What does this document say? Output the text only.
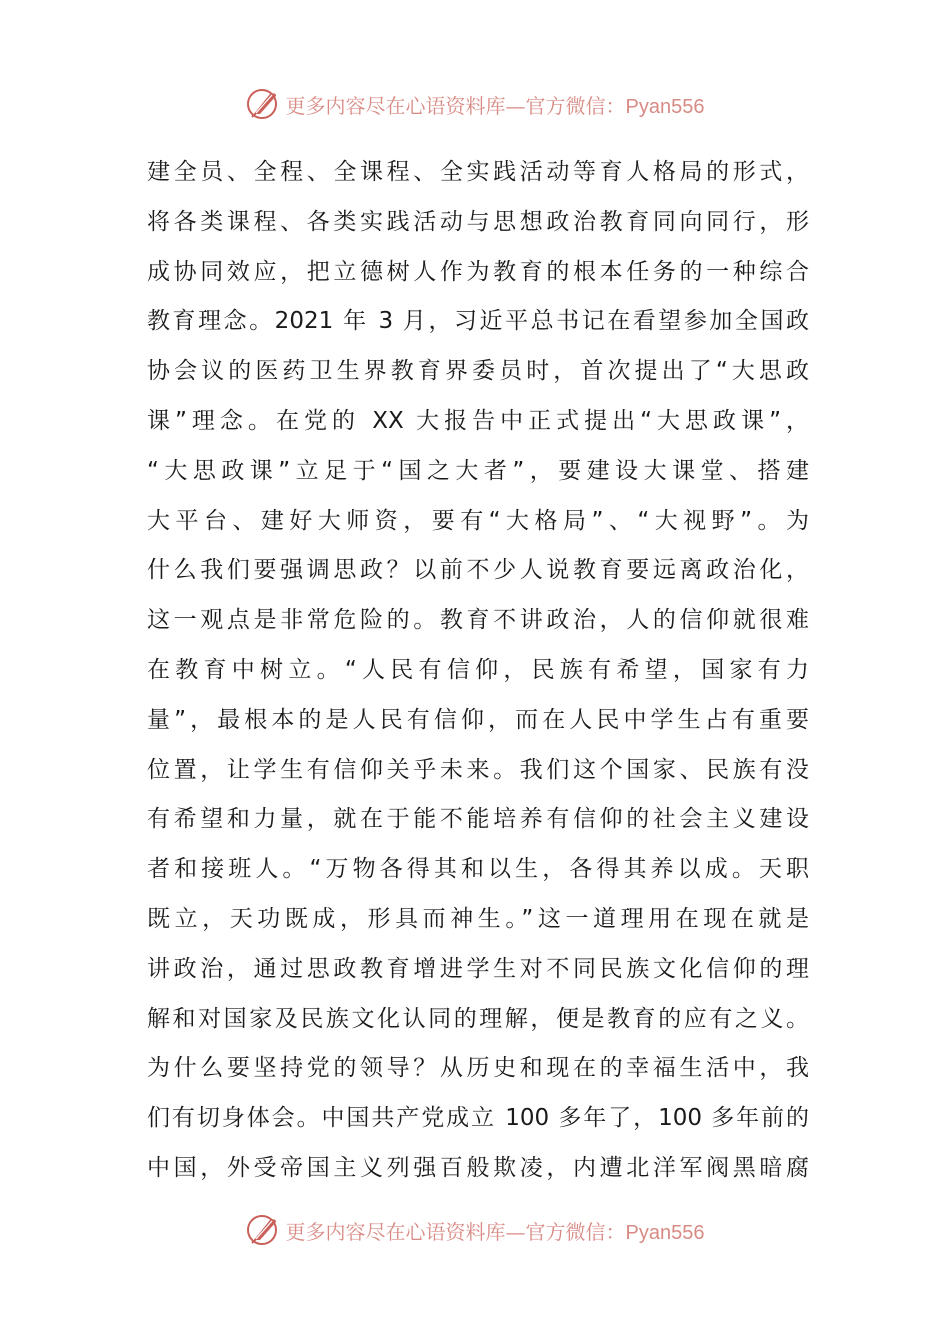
更多内容尽在心语资料库—官方微信：Pyan556
建全员、全程、全课程、全实践活动等育人格局的形式，
将各类课程、各类实践活动与思想政治教育同向同行，形
成协同效应，把立德树人作为教育的根本任务的一种综合
教育理念。2021 年 3 月，习近平总书记在看望参加全国政
协会议的医药卫生界教育界委员时，首次提出了“大思政
课”理念。在党的 XX 大报告中正式提出“大思政课”，
“大思政课”立足于“国之大者”，要建设大课堂、搭建
大平台、建好大师资，要有“大格局”、“大视野”。为
什么我们要强调思政？以前不少人说教育要远离政治化，
这一观点是非常危险的。教育不讲政治，人的信仰就很难
在教育中树立。“人民有信仰，民族有希望，国家有力
量”，最根本的是人民有信仰，而在人民中学生占有重要
位置，让学生有信仰关乎未来。我们这个国家、民族有没
有希望和力量，就在于能不能培养有信仰的社会主义建设
者和接班人。“万物各得其和以生，各得其养以成。天职
既立，天功既成，形具而神生。”这一道理用在现在就是
讲政治，通过思政教育增进学生对不同民族文化信仰的理
解和对国家及民族文化认同的理解，便是教育的应有之义。
为什么要坚持党的领导？从历史和现在的幸福生活中，我
们有切身体会。中国共产党成立 100 多年了，100 多年前的
中国，外受帝国主义列强百般欺凌，内遭北洋军阀黑暗腐
更多内容尽在心语资料库—官方微信：Pyan556
